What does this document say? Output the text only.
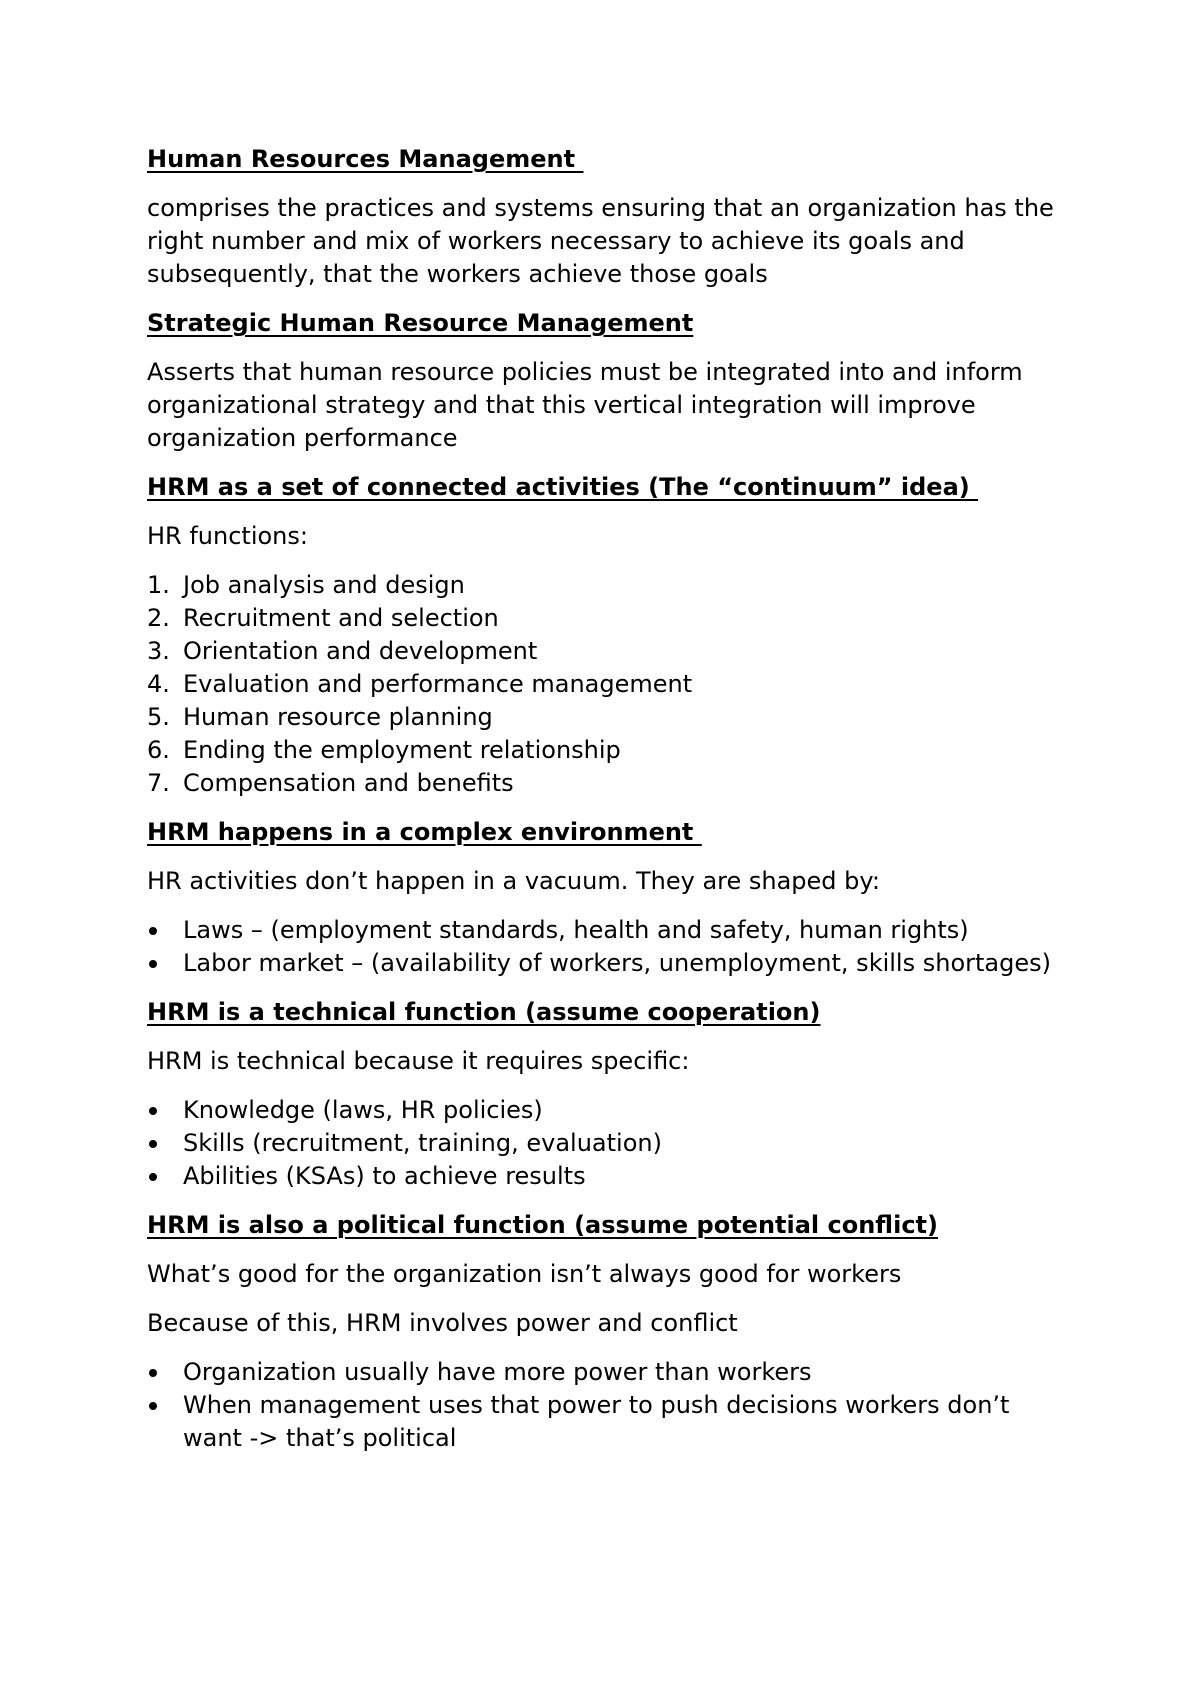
Human Resources Management
comprises the practices and systems ensuring that an organization has the right number and mix of workers necessary to achieve its goals and subsequently, that the workers achieve those goals
Strategic Human Resource Management
Asserts that human resource policies must be integrated into and inform organizational strategy and that this vertical integration will improve organization performance
HRM as a set of connected activities (The “continuum” idea)
HR functions:
1. Job analysis and design
2. Recruitment and selection
3. Orientation and development
4. Evaluation and performance management
5. Human resource planning
6. Ending the employment relationship
7. Compensation and benefits
HRM happens in a complex environment
HR activities don’t happen in a vacuum. They are shaped by:
Laws – (employment standards, health and safety, human rights)
Labor market – (availability of workers, unemployment, skills shortages)
HRM is a technical function (assume cooperation)
HRM is technical because it requires specific:
Knowledge (laws, HR policies)
Skills (recruitment, training, evaluation)
Abilities (KSAs) to achieve results
HRM is also a political function (assume potential conflict)
What’s good for the organization isn’t always good for workers
Because of this, HRM involves power and conflict
Organization usually have more power than workers
When management uses that power to push decisions workers don’t want -> that’s political
